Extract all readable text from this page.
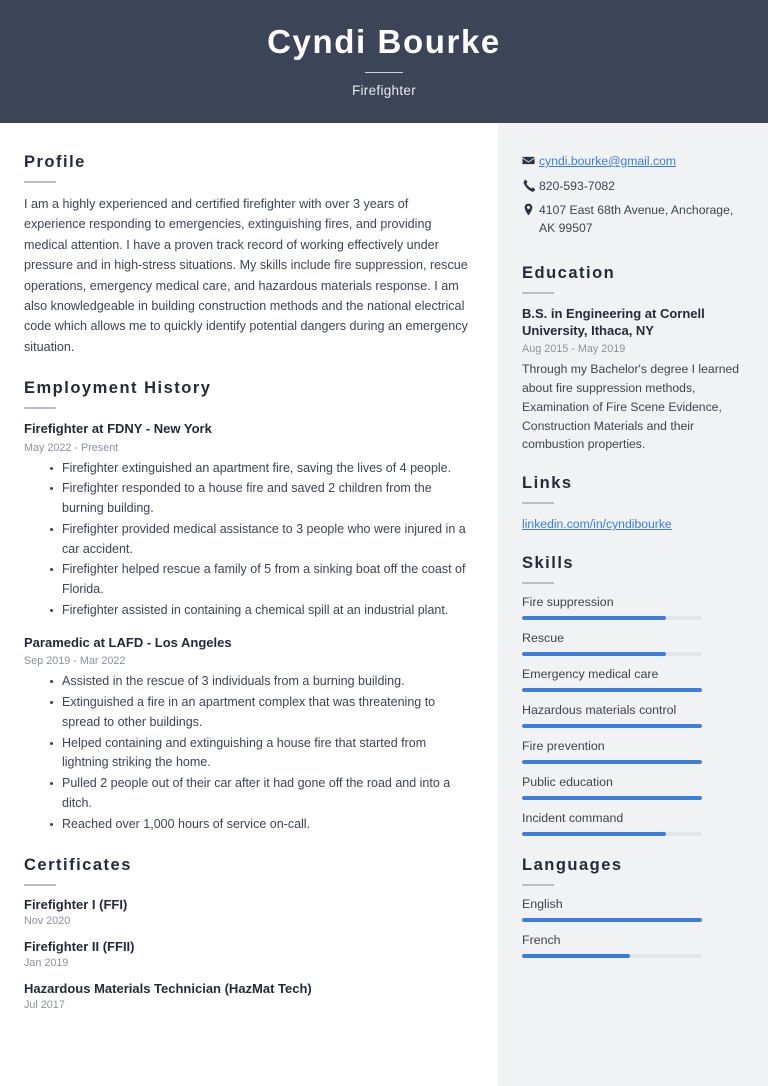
Cyndi Bourke
Firefighter
Profile

I am a highly experienced and certified firefighter with over 3 years of experience responding to emergencies, extinguishing fires, and providing medical attention. I have a proven track record of working effectively under pressure and in high-stress situations. My skills include fire suppression, rescue operations, emergency medical care, and hazardous materials response. I am also knowledgeable in building construction methods and the national electrical code which allows me to quickly identify potential dangers during an emergency situation.

Employment History

Firefighter at FDNY - New York

May 2022 - Present

Firefighter extinguished an apartment fire, saving the lives of 4 people.
Firefighter responded to a house fire and saved 2 children from the burning building.
Firefighter provided medical assistance to 3 people who were injured in a car accident.
Firefighter helped rescue a family of 5 from a sinking boat off the coast of Florida.
Firefighter assisted in containing a chemical spill at an industrial plant.

Paramedic at LAFD - Los Angeles

Sep 2019 - Mar 2022

Assisted in the rescue of 3 individuals from a burning building.
Extinguished a fire in an apartment complex that was threatening to spread to other buildings.
Helped containing and extinguishing a house fire that started from lightning striking the home.
Pulled 2 people out of their car after it had gone off the road and into a ditch.
Reached over 1,000 hours of service on-call.
Certificates

Firefighter I (FFI)

Nov 2020

Firefighter II (FFII)

Jan 2019

Hazardous Materials Technician (HazMat Tech)

Jul 2017

cyndi.bourke@gmail.com
820-593-7082
4107 East 68th Avenue, Anchorage, AK 99507
Education

B.S. in Engineering at Cornell University, Ithaca, NY

Aug 2015 - May 2019

Through my Bachelor's degree I learned about fire suppression methods, Examination of Fire Scene Evidence, Construction Materials and their combustion properties.

Links
linkedin.com/in/cyndibourke
Skills

Fire suppression

Rescue

Emergency medical care

Hazardous materials control

Fire prevention

Public education

Incident command

Languages

English

French
